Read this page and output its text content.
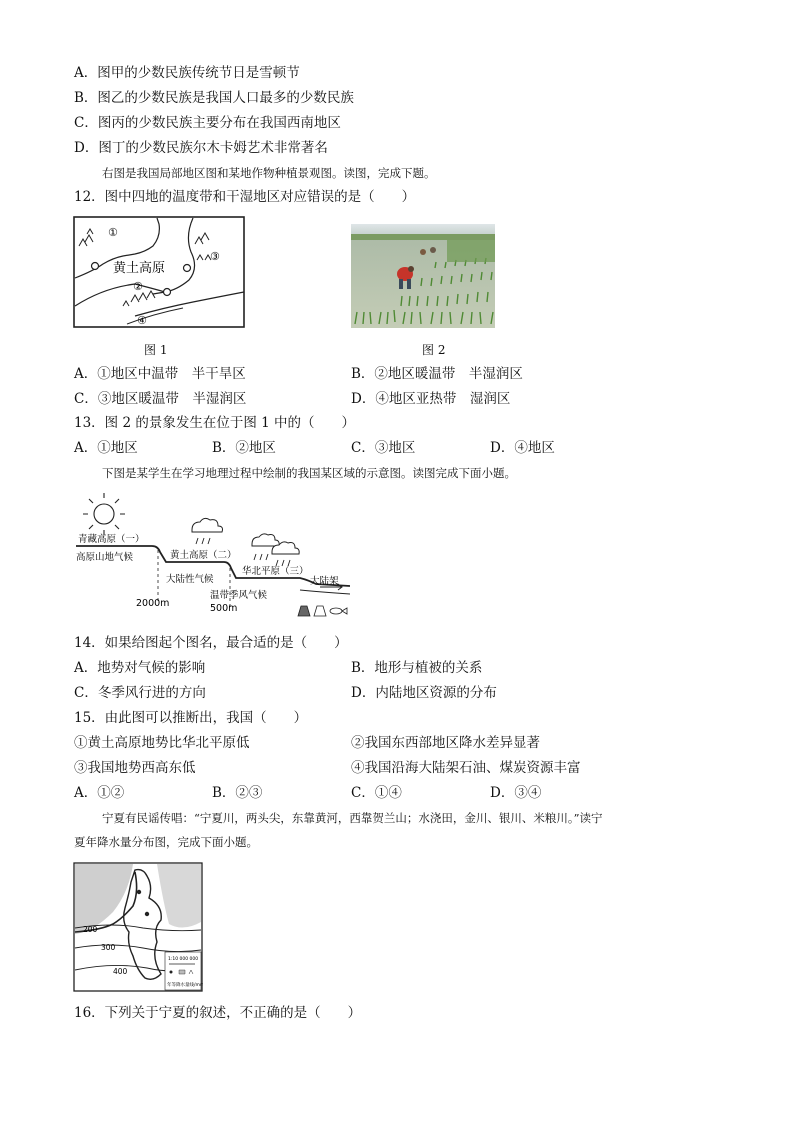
A．图甲的少数民族传统节日是雪顿节
B．图乙的少数民族是我国人口最多的少数民族
C．图丙的少数民族主要分布在我国西南地区
D．图丁的少数民族尔木卡姆艺术非常著名
右图是我国局部地区图和某地作物种植景观图。读图，完成下题。
12．图中四地的温度带和干湿地区对应错误的是（　　）
①
黄土高原
②
③
④
图 1	图 2
A．①地区中温带　半干旱区	B．②地区暖温带　半湿润区
C．③地区暖温带　半湿润区	D．④地区亚热带　湿润区
13．图 2 的景象发生在位于图 1 中的（　　）
A．①地区	B．②地区	C．③地区	D．④地区
下图是某学生在学习地理过程中绘制的我国某区域的示意图。读图完成下面小题。
青藏高原（一）
高原山地气候	黄土高原（二）
大陆性气候
2000m
华北平原（三）
温带季风气候
500m
大陆架
14．如果给图起个图名，最合适的是（　　）
A．地势对气候的影响	B．地形与植被的关系
C．冬季风行进的方向	D．内陆地区资源的分布
15．由此图可以推断出，我国（　　）
①黄土高原地势比华北平原低	②我国东西部地区降水差异显著
③我国地势西高东低	④我国沿海大陆架石油、煤炭资源丰富
A．①②	B．②③	C．①④	D．③④
宁夏有民谣传唱：“宁夏川，两头尖，东靠黄河，西靠贺兰山；水浇田，金川、银川、米粮川。”读宁
夏年降水量分布图，完成下面小题。
200
300
400
1:10 000 000
年等降水量线/mm
16．下列关于宁夏的叙述，不正确的是（　　）
